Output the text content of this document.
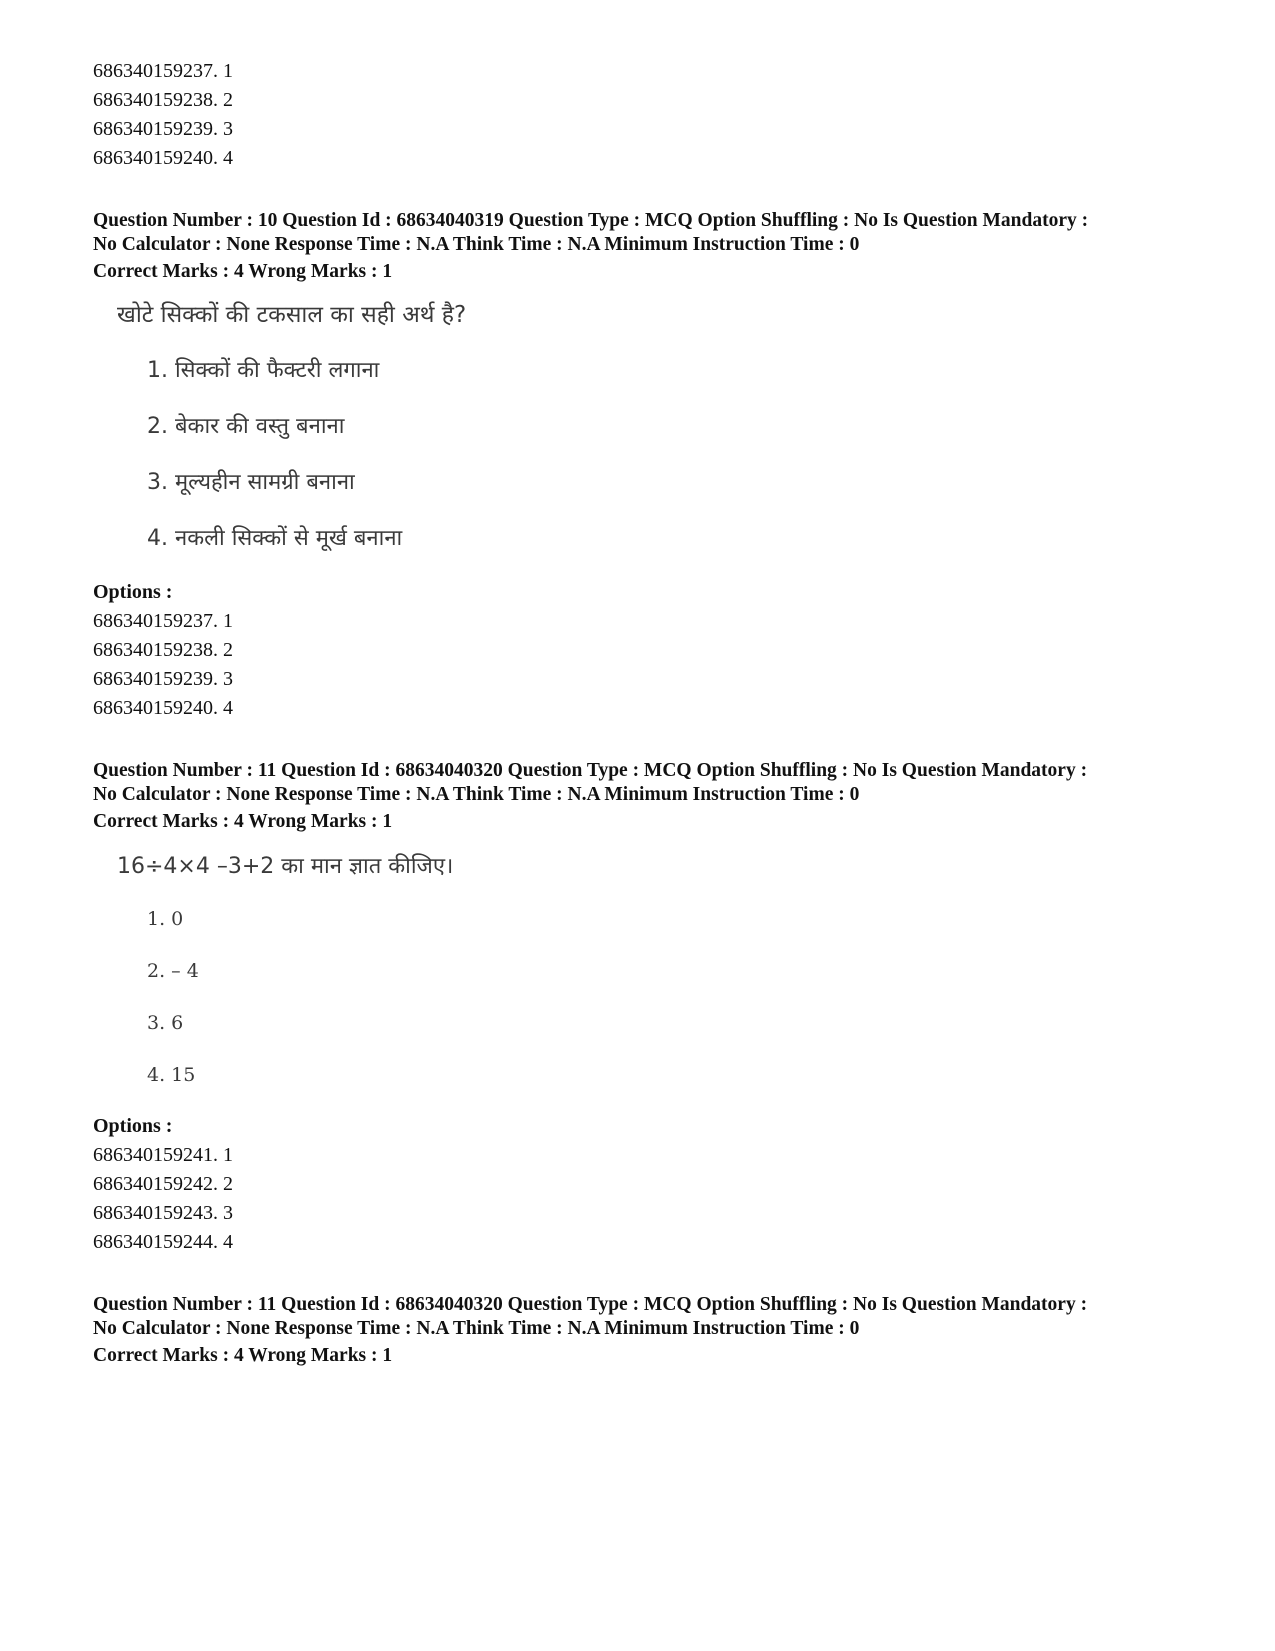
686340159237. 1

686340159238. 2

686340159239. 3

686340159240. 4

Question Number : 10 Question Id : 68634040319 Question Type : MCQ Option Shuffling : No Is Question Mandatory :

No Calculator : None Response Time : N.A Think Time : N.A Minimum Instruction Time : 0

Correct Marks : 4 Wrong Marks : 1

खोटे सिक्कों की टकसाल का सही अर्थ है?

1. सिक्कों की फैक्टरी लगाना

2. बेकार की वस्तु बनाना

3. मूल्यहीन सामग्री बनाना

4. नकली सिक्कों से मूर्ख बनाना

Options :

686340159237. 1

686340159238. 2

686340159239. 3

686340159240. 4

Question Number : 11 Question Id : 68634040320 Question Type : MCQ Option Shuffling : No Is Question Mandatory :

No Calculator : None Response Time : N.A Think Time : N.A Minimum Instruction Time : 0

Correct Marks : 4 Wrong Marks : 1

16÷4×4 –3+2 का मान ज्ञात कीजिए।

1. 0

2. – 4

3. 6

4. 15

Options :

686340159241. 1

686340159242. 2

686340159243. 3

686340159244. 4

Question Number : 11 Question Id : 68634040320 Question Type : MCQ Option Shuffling : No Is Question Mandatory :

No Calculator : None Response Time : N.A Think Time : N.A Minimum Instruction Time : 0

Correct Marks : 4 Wrong Marks : 1
